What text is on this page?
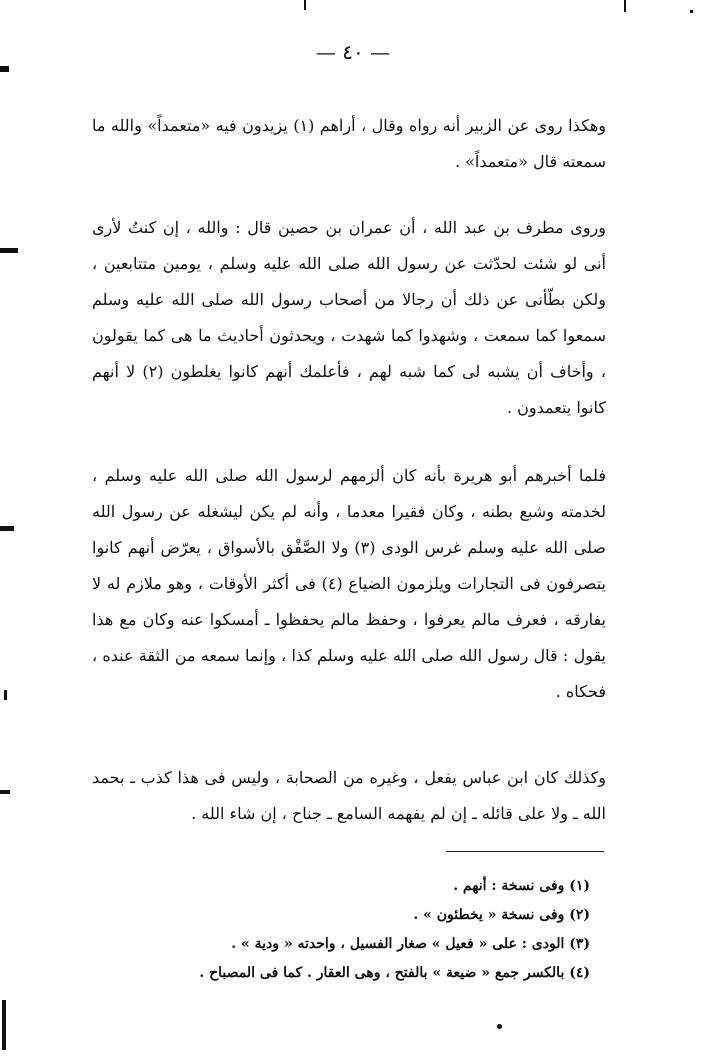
— ٤٠ —

وهكذا روى عن الزبير أنه رواه وقال ، أراهم (١) يزيدون فيه «متعمداً» والله ما سمعته قال «متعمداً» .

وروى مطرف بن عبد الله ، أن عمران بن حصين قال : والله ، إن كنتُ لأرى أنى لو شئت لحدّثت عن رسول الله صلى الله عليه وسلم ، يومين متتابعين ، ولكن بطّأنى عن ذلك أن رجالا من أصحاب رسول الله صلى الله عليه وسلم سمعوا كما سمعت ، وشهدوا كما شهدت ، ويحدثون أحاديث ما هى كما يقولون ، وأخاف أن يشبه لى كما شبه لهم ، فأعلمك أنهم كانوا يغلطون (٢) لا أنهم كانوا يتعمدون .

فلما أخبرهم أبو هريرة بأنه كان ألزمهم لرسول الله صلى الله عليه وسلم ، لخدمته وشبع بطنه ، وكان فقيرا معدما ، وأنه لم يكن ليشغله عن رسول الله صلى الله عليه وسلم غرس الودى (٣) ولا الصَّفْق بالأسواق ، يعرّض أنهم كانوا يتصرفون فى التجارات ويلزمون الضياع (٤) فى أكثر الأوقات ، وهو ملازم له لا يفارقه ، فعرف مالم يعرفوا ، وحفظ مالم يحفظوا ـ أمسكوا عنه وكان مع هذا يقول : قال رسول الله صلى الله عليه وسلم كذا ، وإنما سمعه من الثقة عنده ، فحكاه .

وكذلك كان ابن عباس يفعل ، وغيره من الصحابة ، وليس فى هذا كذب ـ بحمد الله ـ ولا على قائله ـ إن لم يفهمه السامع ـ جناح ، إن شاء الله .

(١) وفى نسخة : أنهم .
(٢) وفى نسخة « يخطئون » .
(٣) الودى : على « فعيل » صغار الفسيل ، واحدته « ودية » .
(٤) بالكسر جمع « ضيعة » بالفتح ، وهى العقار . كما فى المصباح .
